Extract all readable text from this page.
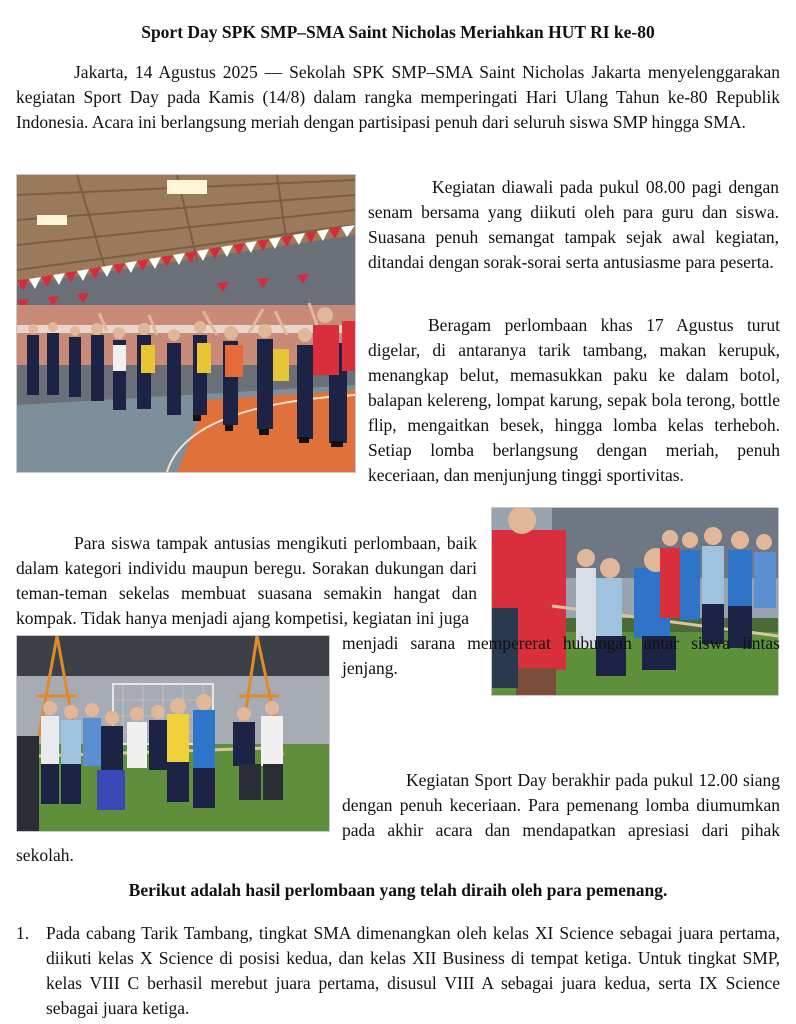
Sport Day SPK SMP–SMA Saint Nicholas Meriahkan HUT RI ke-80

Jakarta, 14 Agustus 2025 — Sekolah SPK SMP–SMA Saint Nicholas Jakarta menyelenggarakan kegiatan Sport Day pada Kamis (14/8) dalam rangka memperingati Hari Ulang Tahun ke-80 Republik Indonesia. Acara ini berlangsung meriah dengan partisipasi penuh dari seluruh siswa SMP hingga SMA.

Kegiatan diawali pada pukul 08.00 pagi dengan senam bersama yang diikuti oleh para guru dan siswa. Suasana penuh semangat tampak sejak awal kegiatan, ditandai dengan sorak-sorai serta antusiasme para peserta.

Beragam perlombaan khas 17 Agustus turut digelar, di antaranya tarik tambang, makan kerupuk, menangkap belut, memasukkan paku ke dalam botol, balapan kelereng, lompat karung, sepak bola terong, bottle flip, mengaitkan besek, hingga lomba kelas terheboh. Setiap lomba berlangsung dengan meriah, penuh keceriaan, dan menjunjung tinggi sportivitas.

Para siswa tampak antusias mengikuti perlombaan, baik dalam kategori individu maupun beregu. Sorakan dukungan dari teman-teman sekelas membuat suasana semakin hangat dan kompak. Tidak hanya menjadi ajang kompetisi, kegiatan ini juga

menjadi sarana mempererat hubungan antar siswa lintas jenjang.

Kegiatan Sport Day berakhir pada pukul 12.00 siang dengan penuh keceriaan. Para pemenang lomba diumumkan pada akhir acara dan mendapatkan apresiasi dari pihak sekolah.

Berikut adalah hasil perlombaan yang telah diraih oleh para pemenang.

1. Pada cabang Tarik Tambang, tingkat SMA dimenangkan oleh kelas XI Science sebagai juara pertama, diikuti kelas X Science di posisi kedua, dan kelas XII Business di tempat ketiga. Untuk tingkat SMP, kelas VIII C berhasil merebut juara pertama, disusul VIII A sebagai juara kedua, serta IX Science sebagai juara ketiga.
